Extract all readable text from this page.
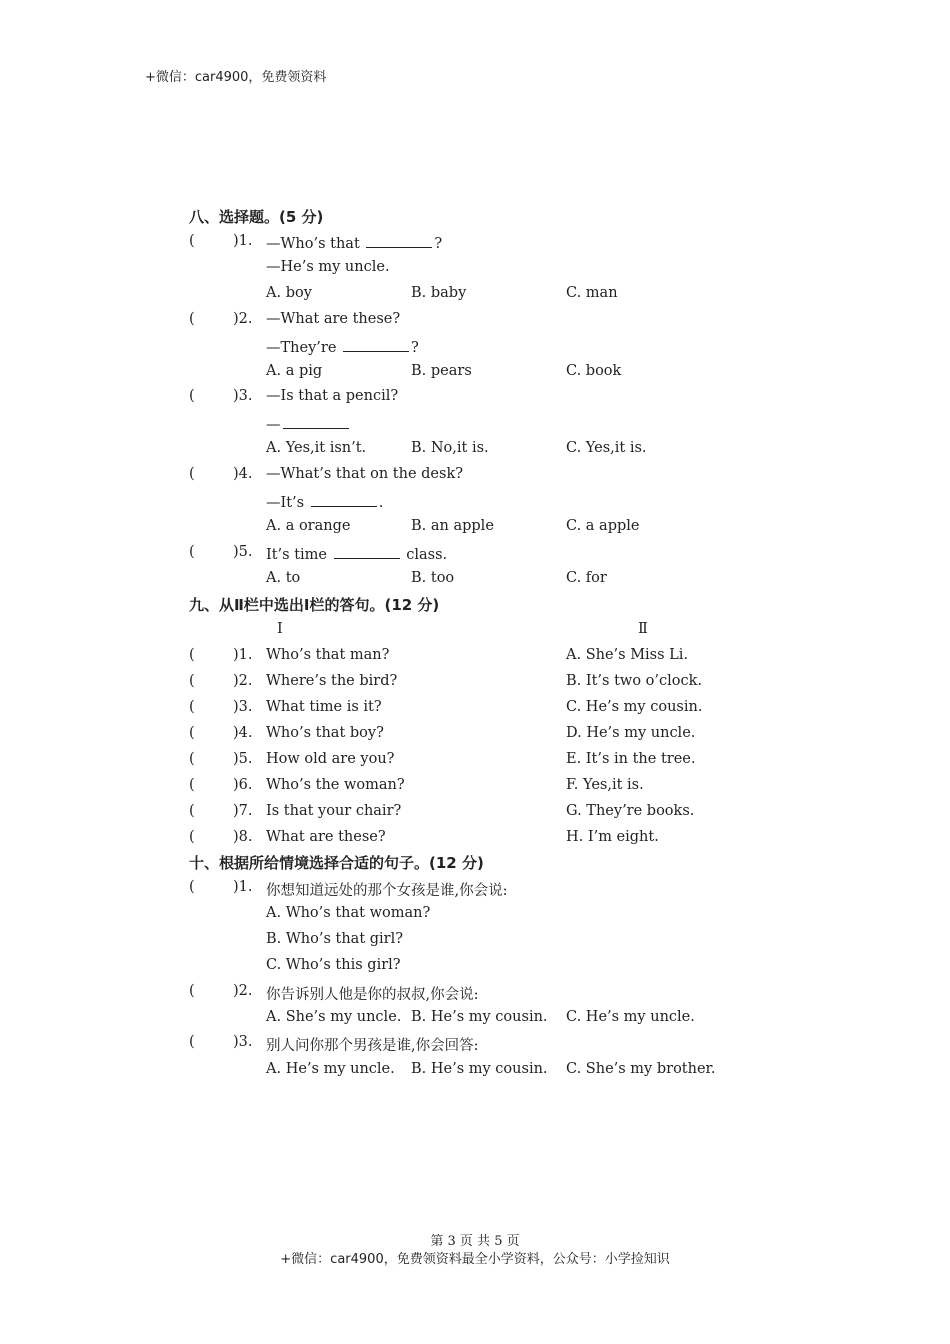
+微信：car4900，免费领资料
八、选择题。(5 分)
(	)1. —Who’s that	?
—He’s my uncle.
A. boy	B. baby	C. man
(	)2. —What are these?
—They’re	?
A. a pig	B. pears	C. book
(	)3. —Is that a pencil?
—
A. Yes,it isn’t.	B. No,it is.	C. Yes,it is.
(	)4. —What’s that on the desk?
—It’s	.
A. a orange	B. an apple	C. a apple
(	)5. It’s time	class.
A. to	B. too	C. for
九、从Ⅱ栏中选出Ⅰ栏的答句。(12 分)
Ⅰ	Ⅱ
(	)1. Who’s that man?	A. She’s Miss Li.
(	)2. Where’s the bird?	B. It’s two o’clock.
(	)3. What time is it?	C. He’s my cousin.
(	)4. Who’s that boy?	D. He’s my uncle.
(	)5. How old are you?	E. It’s in the tree.
(	)6. Who’s the woman?	F. Yes,it is.
(	)7. Is that your chair?	G. They’re books.
(	)8. What are these?	H. I’m eight.
十、根据所给情境选择合适的句子。(12 分)
(	)1. 你想知道远处的那个女孩是谁,你会说:
A. Who’s that woman?
B. Who’s that girl?
C. Who’s this girl?
(	)2. 你告诉别人他是你的叔叔,你会说:
A. She’s my uncle. B. He’s my cousin. C. He’s my uncle.
(	)3. 别人问你那个男孩是谁,你会回答:
A. He’s my uncle. B. He’s my cousin. C. She’s my brother.
第 3 页 共 5 页
+微信：car4900，免费领资料最全小学资料，公众号：小学捡知识
